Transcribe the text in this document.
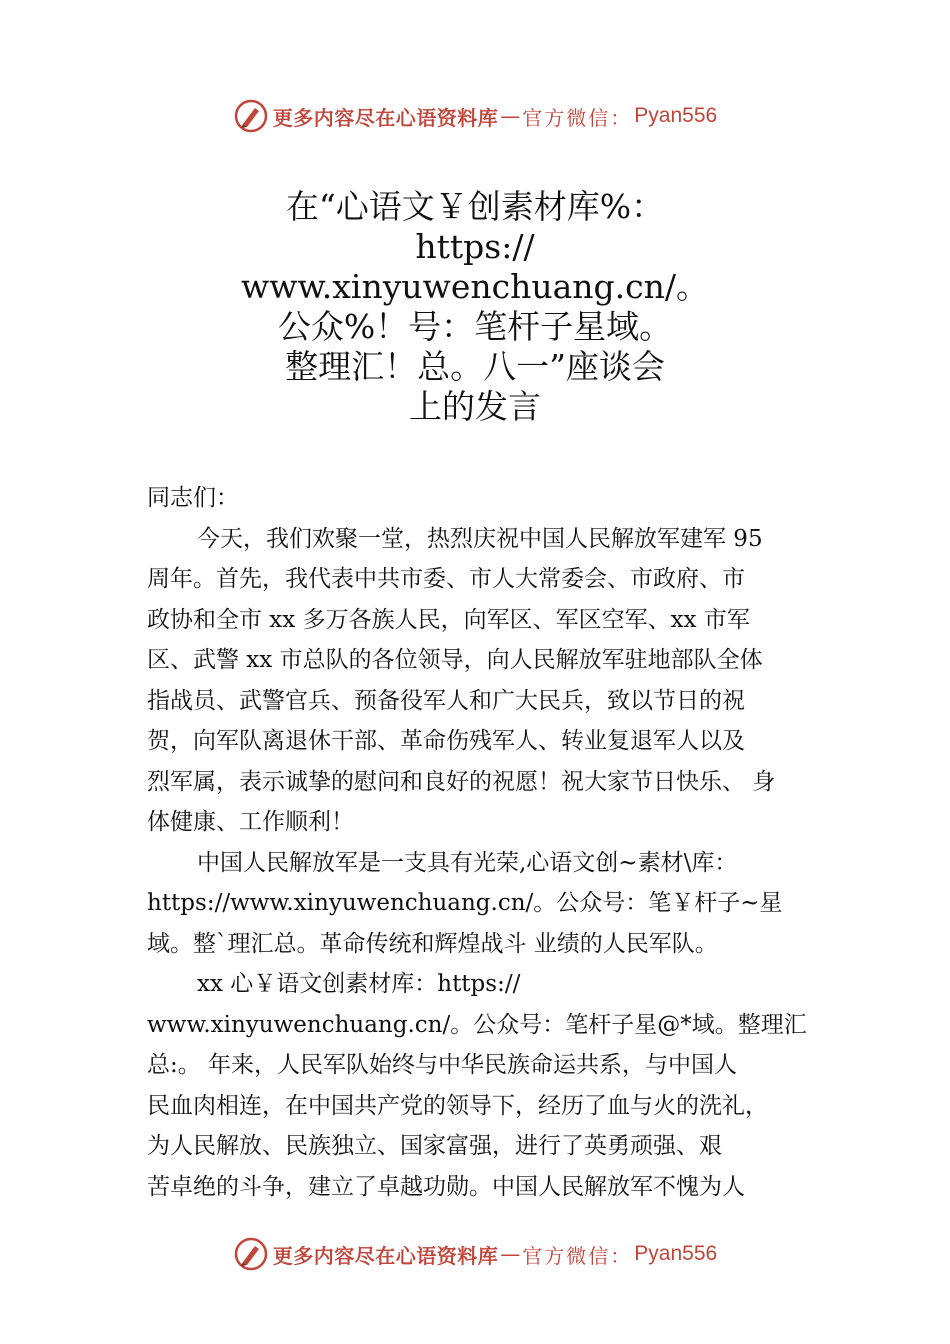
更多内容尽在心语资料库 — 官方微信： Pyan556
在“心语文￥创素材库%：
https://
www.xinyuwenchuang.cn/。
公众%！号：笔杆子星域。
整理汇！总。八一”座谈会
上的发言
同志们：
今天，我们欢聚一堂，热烈庆祝中国人民解放军建军 95
周年。首先，我代表中共市委、市人大常委会、市政府、市
政协和全市 xx 多万各族人民，向军区、军区空军、xx 市军
区、武警 xx 市总队的各位领导，向人民解放军驻地部队全体
指战员、武警官兵、预备役军人和广大民兵，致以节日的祝
贺，向军队离退休干部、革命伤残军人、转业复退军人以及
烈军属，表示诚挚的慰问和良好的祝愿！祝大家节日快乐、 身
体健康、工作顺利！
中国人民解放军是一支具有光荣,心语文创~素材\库：
https://www.xinyuwenchuang.cn/。公众号：笔￥杆子~星
域。整`理汇总。革命传统和辉煌战斗 业绩的人民军队。
xx 心￥语文创素材库：https://
www.xinyuwenchuang.cn/。公众号：笔杆子星@*域。整理汇
总:。 年来，人民军队始终与中华民族命运共系，与中国人
民血肉相连，在中国共产党的领导下，经历了血与火的洗礼，
为人民解放、民族独立、国家富强，进行了英勇顽强、艰
苦卓绝的斗争，建立了卓越功勋。中国人民解放军不愧为人
更多内容尽在心语资料库 — 官方微信： Pyan556
